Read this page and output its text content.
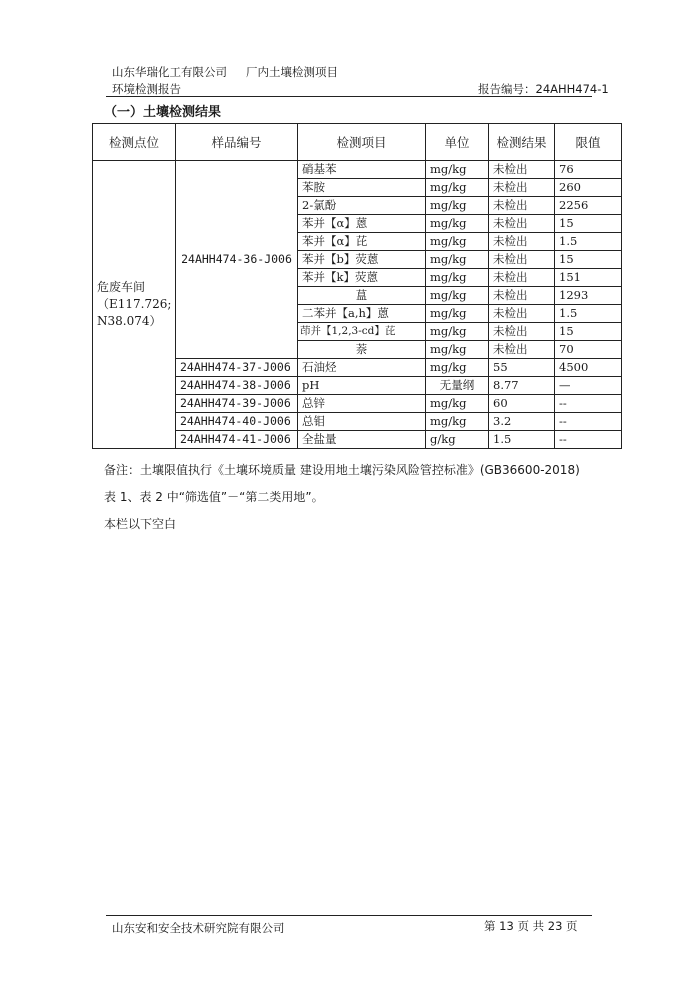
山东华瑞化工有限公司 厂内土壤检测项目
环境检测报告	报告编号：24AHH474-1
（一）土壤检测结果
检测点位	样品编号	检测项目	单位	检测结果	限值

危废车间
（E117.726;
N38.074）	24AHH474-36-J006	硝基苯	mg/kg	未检出	76
		苯胺	mg/kg	未检出	260
		2-氯酚	mg/kg	未检出	2256
		苯并【α】蒽	mg/kg	未检出	15
		苯并【α】芘	mg/kg	未检出	1.5
		苯并【b】荧蒽	mg/kg	未检出	15
		苯并【k】荧蒽	mg/kg	未检出	151
		蒀	mg/kg	未检出	1293
		二苯并【a,h】蒽	mg/kg	未检出	1.5
		茚并【1,2,3-cd】芘	mg/kg	未检出	15
		萘	mg/kg	未检出	70
	24AHH474-37-J006	石油烃	mg/kg	55	4500
	24AHH474-38-J006	pH	无量纲	8.77	—
	24AHH474-39-J006	总锌	mg/kg	60	--
	24AHH474-40-J006	总钼	mg/kg	3.2	--
	24AHH474-41-J006	全盐量	g/kg	1.5	--
备注：土壤限值执行《土壤环境质量 建设用地土壤污染风险管控标准》(GB36600-2018)
表 1、表 2 中“筛选值”－“第二类用地”。
本栏以下空白
山东安和安全技术研究院有限公司	第 13 页 共 23 页
